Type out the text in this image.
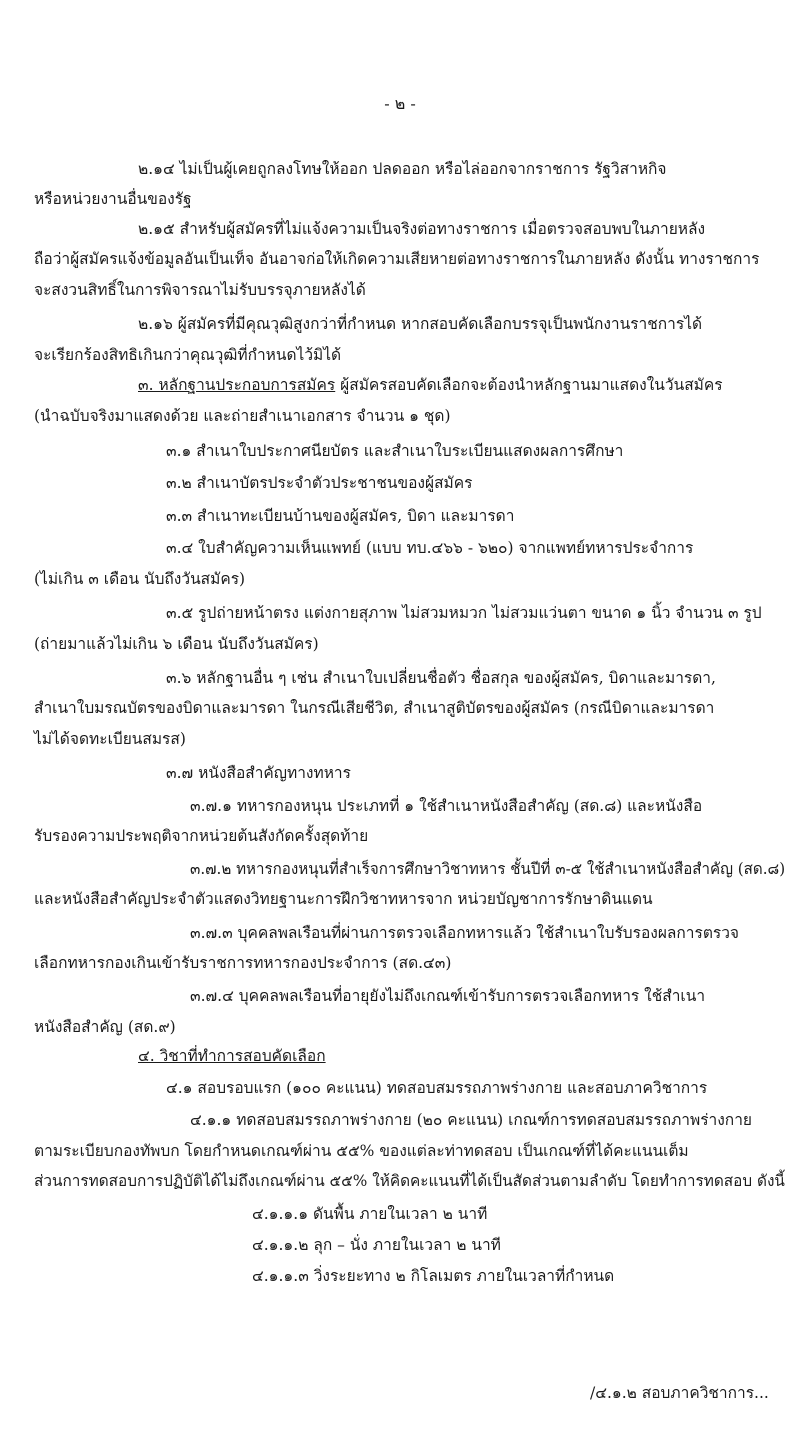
- ๒ -
๒.๑๔ ไม่เป็นผู้เคยถูกลงโทษให้ออก ปลดออก หรือไล่ออกจากราชการ รัฐวิสาหกิจ
หรือหน่วยงานอื่นของรัฐ
๒.๑๕ สำหรับผู้สมัครที่ไม่แจ้งความเป็นจริงต่อทางราชการ เมื่อตรวจสอบพบในภายหลัง
ถือว่าผู้สมัครแจ้งข้อมูลอันเป็นเท็จ อันอาจก่อให้เกิดความเสียหายต่อทางราชการในภายหลัง ดังนั้น ทางราชการ
จะสงวนสิทธิ์ในการพิจารณาไม่รับบรรจุภายหลังได้
๒.๑๖ ผู้สมัครที่มีคุณวุฒิสูงกว่าที่กำหนด หากสอบคัดเลือกบรรจุเป็นพนักงานราชการได้
จะเรียกร้องสิทธิเกินกว่าคุณวุฒิที่กำหนดไว้มิได้
๓. หลักฐานประกอบการสมัคร ผู้สมัครสอบคัดเลือกจะต้องนำหลักฐานมาแสดงในวันสมัคร
(นำฉบับจริงมาแสดงด้วย และถ่ายสำเนาเอกสาร จำนวน ๑ ชุด)
๓.๑ สำเนาใบประกาศนียบัตร และสำเนาใบระเบียนแสดงผลการศึกษา
๓.๒ สำเนาบัตรประจำตัวประชาชนของผู้สมัคร
๓.๓ สำเนาทะเบียนบ้านของผู้สมัคร, บิดา และมารดา
๓.๔ ใบสำคัญความเห็นแพทย์ (แบบ ทบ.๔๖๖ - ๖๒๐) จากแพทย์ทหารประจำการ
(ไม่เกิน ๓ เดือน นับถึงวันสมัคร)
๓.๕ รูปถ่ายหน้าตรง แต่งกายสุภาพ ไม่สวมหมวก ไม่สวมแว่นตา ขนาด ๑ นิ้ว จำนวน ๓ รูป
(ถ่ายมาแล้วไม่เกิน ๖ เดือน นับถึงวันสมัคร)
๓.๖ หลักฐานอื่น ๆ เช่น สำเนาใบเปลี่ยนชื่อตัว ชื่อสกุล ของผู้สมัคร, บิดาและมารดา,
สำเนาใบมรณบัตรของบิดาและมารดา ในกรณีเสียชีวิต, สำเนาสูติบัตรของผู้สมัคร (กรณีบิดาและมารดา
ไม่ได้จดทะเบียนสมรส)
๓.๗ หนังสือสำคัญทางทหาร
๓.๗.๑ ทหารกองหนุน ประเภทที่ ๑ ใช้สำเนาหนังสือสำคัญ (สด.๘) และหนังสือ
รับรองความประพฤติจากหน่วยต้นสังกัดครั้งสุดท้าย
๓.๗.๒ ทหารกองหนุนที่สำเร็จการศึกษาวิชาทหาร ชั้นปีที่ ๓-๕ ใช้สำเนาหนังสือสำคัญ (สด.๘)
และหนังสือสำคัญประจำตัวแสดงวิทยฐานะการฝึกวิชาทหารจาก หน่วยบัญชาการรักษาดินแดน
๓.๗.๓ บุคคลพลเรือนที่ผ่านการตรวจเลือกทหารแล้ว ใช้สำเนาใบรับรองผลการตรวจ
เลือกทหารกองเกินเข้ารับราชการทหารกองประจำการ (สด.๔๓)
๓.๗.๔ บุคคลพลเรือนที่อายุยังไม่ถึงเกณฑ์เข้ารับการตรวจเลือกทหาร ใช้สำเนา
หนังสือสำคัญ (สด.๙)
๔. วิชาที่ทำการสอบคัดเลือก
๔.๑ สอบรอบแรก (๑๐๐ คะแนน) ทดสอบสมรรถภาพร่างกาย และสอบภาควิชาการ
๔.๑.๑ ทดสอบสมรรถภาพร่างกาย (๒๐ คะแนน) เกณฑ์การทดสอบสมรรถภาพร่างกาย
ตามระเบียบกองทัพบก โดยกำหนดเกณฑ์ผ่าน ๕๕% ของแต่ละท่าทดสอบ เป็นเกณฑ์ที่ได้คะแนนเต็ม
ส่วนการทดสอบการปฏิบัติได้ไม่ถึงเกณฑ์ผ่าน ๕๕% ให้คิดคะแนนที่ได้เป็นสัดส่วนตามลำดับ โดยทำการทดสอบ ดังนี้
๔.๑.๑.๑ ดันพื้น ภายในเวลา ๒ นาที
๔.๑.๑.๒ ลุก – นั่ง ภายในเวลา ๒ นาที
๔.๑.๑.๓ วิ่งระยะทาง ๒ กิโลเมตร ภายในเวลาที่กำหนด
/๔.๑.๒ สอบภาควิชาการ...
